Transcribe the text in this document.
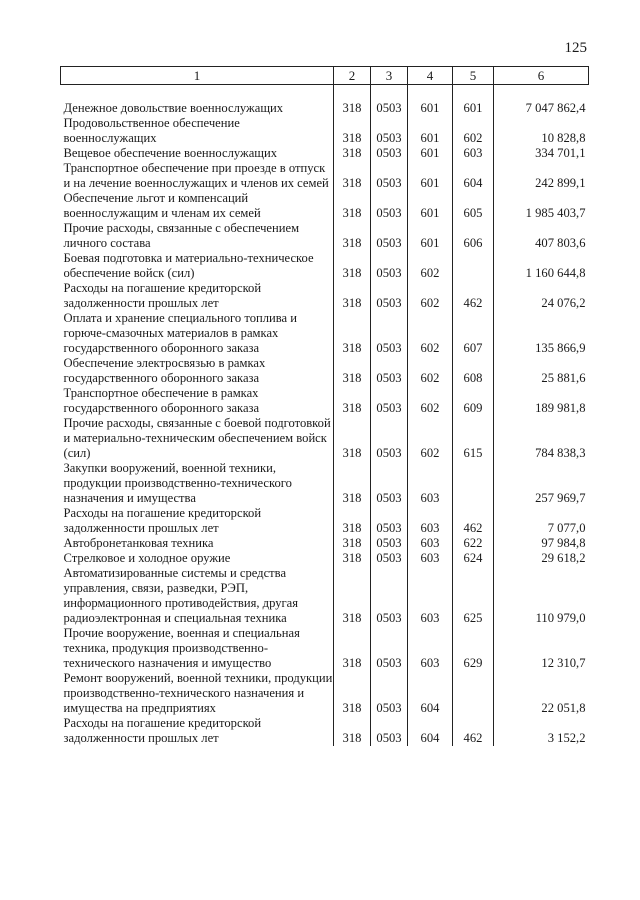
125
1	2	3	4	5	6

Денежное довольствие военнослужащих	318	0503	601	601	7 047 862,4
Продовольственное обеспечение военнослужащих	318	0503	601	602	10 828,8
Вещевое обеспечение военнослужащих	318	0503	601	603	334 701,1
Транспортное обеспечение при проезде в отпуск и на лечение военнослужащих и членов их семей	318	0503	601	604	242 899,1
Обеспечение льгот и компенсаций военнослужащим и членам их семей	318	0503	601	605	1 985 403,7
Прочие расходы, связанные с обеспечением личного состава	318	0503	601	606	407 803,6
Боевая подготовка и материально-техническое обеспечение войск (сил)	318	0503	602		1 160 644,8
Расходы на погашение кредиторской задолженности прошлых лет	318	0503	602	462	24 076,2
Оплата и хранение специального топлива и горюче-смазочных материалов в рамках государственного оборонного заказа	318	0503	602	607	135 866,9
Обеспечение электросвязью в рамках государственного оборонного заказа	318	0503	602	608	25 881,6
Транспортное обеспечение в рамках государственного оборонного заказа	318	0503	602	609	189 981,8
Прочие расходы, связанные с боевой подготовкой и материально-техническим обеспечением войск (сил)	318	0503	602	615	784 838,3
Закупки вооружений, военной техники, продукции производственно-технического назначения и имущества	318	0503	603		257 969,7
Расходы на погашение кредиторской задолженности прошлых лет	318	0503	603	462	7 077,0
Автобронетанковая техника	318	0503	603	622	97 984,8
Стрелковое и холодное оружие	318	0503	603	624	29 618,2
Автоматизированные системы и средства управления, связи, разведки, РЭП, информационного противодействия, другая радиоэлектронная и специальная техника	318	0503	603	625	110 979,0
Прочие вооружение, военная и специальная техника, продукция производственно-технического назначения и имущество	318	0503	603	629	12 310,7
Ремонт вооружений, военной техники, продукции производственно-технического назначения и имущества на предприятиях	318	0503	604		22 051,8
Расходы на погашение кредиторской задолженности прошлых лет	318	0503	604	462	3 152,2
